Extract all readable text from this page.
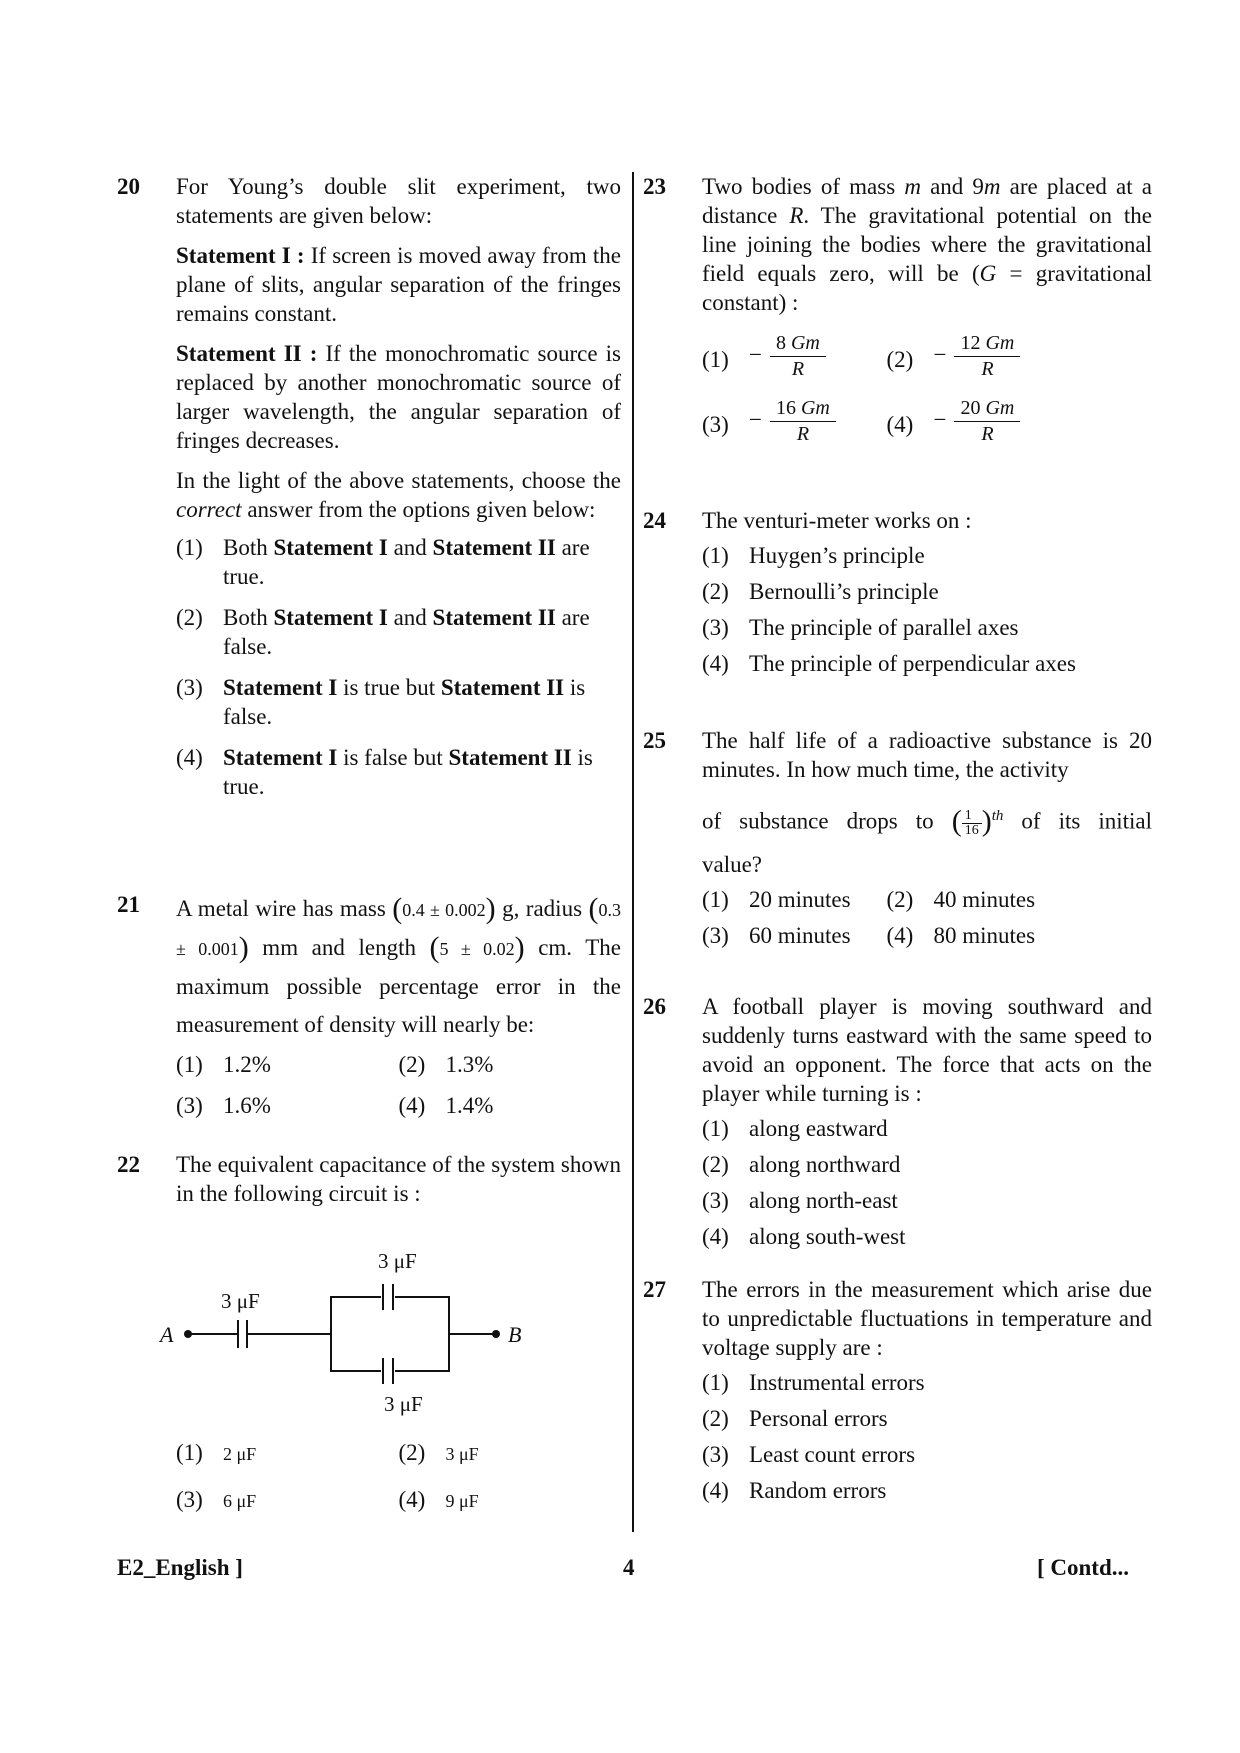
20 For Young’s double slit experiment, two statements are given below:

Statement I : If screen is moved away from the plane of slits, angular separation of the fringes remains constant.

Statement II : If the monochromatic source is replaced by another monochromatic source of larger wavelength, the angular separation of fringes decreases.

In the light of the above statements, choose the correct answer from the options given below:

(1) Both Statement I and Statement II are true.
(2) Both Statement I and Statement II are false.
(3) Statement I is true but Statement II is false.
(4) Statement I is false but Statement II is true.
21 A metal wire has mass (0.4 ± 0.002) g, radius (0.3 ± 0.001) mm and length (5 ± 0.02) cm. The maximum possible percentage error in the measurement of density will nearly be:

(1) 1.2%	(2) 1.3%
(3) 1.6%	(4) 1.4%
22 The equivalent capacitance of the system shown in the following circuit is :

A	B
3 μF
3 μF
3 μF
(1) 2 μF	(2) 3 μF
(3) 6 μF	(4) 9 μF
23 Two bodies of mass m and 9m are placed at a distance R. The gravitational potential on the line joining the bodies where the gravitational field equals zero, will be (G = gravitational constant) :

$(1) - \frac{8 Gm}{R}$	$(2) - \frac{12 Gm}{R}$
$(3) - \frac{16 Gm}{R} (4) - \frac{20 Gm}{R}$
24 The venturi-meter works on :

(1) Huygen’s principle
(2) Bernoulli’s principle
(3) The principle of parallel axes
(4) The principle of perpendicular axes
25 The half life of a radioactive substance is 20 minutes. In how much time, the activity

of substance drops to ( $\frac{1}{16} )^{th}$ of its initial

value?

(1) 20 minutes	(2) 40 minutes
(3) 60 minutes	(4) 80 minutes
26 A football player is moving southward and suddenly turns eastward with the same speed to avoid an opponent. The force that acts on the player while turning is :

(1) along eastward
(2) along northward
(3) along north-east
(4) along south-west
27 The errors in the measurement which arise due to unpredictable fluctuations in temperature and voltage supply are :

(1) Instrumental errors
(2) Personal errors
(3) Least count errors
(4) Random errors
E2_English ]	4	[ Contd...
